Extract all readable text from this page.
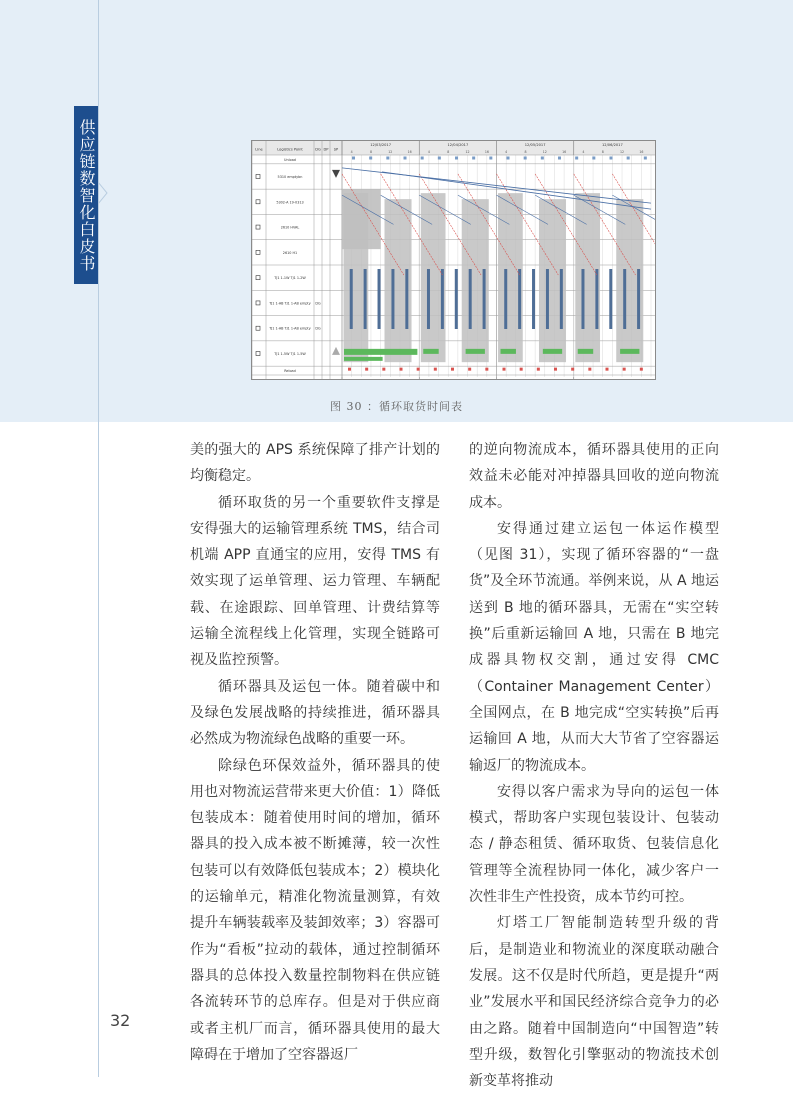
供应链数智化白皮书	Line	Logistics Point	DG DP SP
12/03/2017	12/04/2017	12/05/2017	12/06/2017
4	8	12	16	4	8	12	16	4	8	12	16	4	8	12	16
Unload
5310 emptybn
5302-A 19-0313
2610 HVAL
2610 H1
TJ1 1-1W TJ1 1-2W
TJ1 1-AB TJ1 1-AB empty DG
TJ1 1-AB TJ1 1-AB empty DG
TJ1 1-5W TJ1 1-5W
Reload
图 30 ：循环取货时间表

美的强大的 APS 系统保障了排产计划的均衡稳定。

循环取货的另一个重要软件支撑是安得强大的运输管理系统 TMS，结合司机端 APP 直通宝的应用，安得 TMS 有效实现了运单管理、运力管理、车辆配载、在途跟踪、回单管理、计费结算等运输全流程线上化管理，实现全链路可视及监控预警。

循环器具及运包一体。随着碳中和及绿色发展战略的持续推进，循环器具必然成为物流绿色战略的重要一环。

除绿色环保效益外，循环器具的使用也对物流运营带来更大价值：1）降低包装成本：随着使用时间的增加，循环器具的投入成本被不断摊薄，较一次性包装可以有效降低包装成本；2）模块化的运输单元，精准化物流量测算，有效提升车辆装载率及装卸效率；3）容器可作为“看板”拉动的载体，通过控制循环器具的总体投入数量控制物料在供应链各流转环节的总库存。但是对于供应商或者主机厂而言，循环器具使用的最大障碍在于增加了空容器返厂

的逆向物流成本，循环器具使用的正向效益未必能对冲掉器具回收的逆向物流成本。

安得通过建立运包一体运作模型（见图 31），实现了循环容器的“一盘货”及全环节流通。举例来说，从 A 地运送到 B 地的循环器具，无需在“实空转换”后重新运输回 A 地，只需在 B 地完成器具物权交割，通过安得 CMC（Container Management Center）全国网点，在 B 地完成“空实转换”后再运输回 A 地，从而大大节省了空容器运输返厂的物流成本。

安得以客户需求为导向的运包一体模式，帮助客户实现包装设计、包装动态 / 静态租赁、循环取货、包装信息化管理等全流程协同一体化，减少客户一次性非生产性投资，成本节约可控。

灯塔工厂智能制造转型升级的背后，是制造业和物流业的深度联动融合发展。这不仅是时代所趋，更是提升“两业”发展水平和国民经济综合竞争力的必由之路。随着中国制造向“中国智造”转型升级，数智化引擎驱动的物流技术创新变革将推动

32
